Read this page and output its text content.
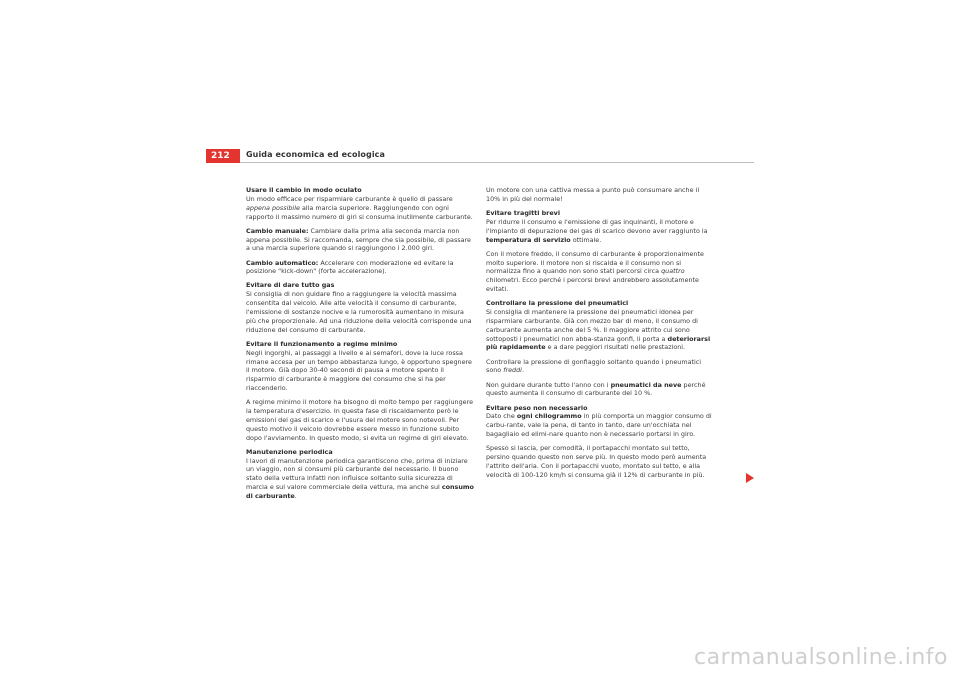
212	Guida economica ed ecologica

Usare il cambio in modo oculato

Un modo efficace per risparmiare carburante è quello di passare appena possibile alla marcia superiore. Raggiungendo con ogni rapporto il massimo numero di giri si consuma inutilmente carburante.

Cambio manuale: Cambiare dalla prima alla seconda marcia non appena possibile. Si raccomanda, sempre che sia possibile, di passare a una marcia superiore quando si raggiungono i 2.000 giri.

Cambio automatico: Accelerare con moderazione ed evitare la posizione "kick-down" (forte accelerazione).

Evitare di dare tutto gas

Si consiglia di non guidare fino a raggiungere la velocità massima consentita dal veicolo. Alle alte velocità il consumo di carburante, l'emissione di sostanze nocive e la rumorosità aumentano in misura più che proporzionale. Ad una riduzione della velocità corrisponde una riduzione del consumo di carburante.

Evitare il funzionamento a regime minimo

Negli ingorghi, ai passaggi a livello e ai semafori, dove la luce rossa rimane accesa per un tempo abbastanza lungo, è opportuno spegnere il motore. Già dopo 30-40 secondi di pausa a motore spento il risparmio di carburante è maggiore del consumo che si ha per riaccenderlo.

A regime minimo il motore ha bisogno di molto tempo per raggiungere la temperatura d'esercizio. In questa fase di riscaldamento però le emissioni del gas di scarico e l'usura del motore sono notevoli. Per questo motivo il veicolo dovrebbe essere messo in funzione subito dopo l'avviamento. In questo modo, si evita un regime di giri elevato.

Manutenzione periodica

I lavori di manutenzione periodica garantiscono che, prima di iniziare un viaggio, non si consumi più carburante del necessario. Il buono stato della vettura infatti non influisce soltanto sulla sicurezza di marcia e sul valore commerciale della vettura, ma anche sul consumo di carburante.

Un motore con una cattiva messa a punto può consumare anche il 10% in più del normale!

Evitare tragitti brevi

Per ridurre il consumo e l'emissione di gas inquinanti, il motore e l'impianto di depurazione dei gas di scarico devono aver raggiunto la temperatura di servizio ottimale.

Con il motore freddo, il consumo di carburante è proporzionalmente molto superiore. Il motore non si riscalda e il consumo non si normalizza fino a quando non sono stati percorsi circa quattro chilometri. Ecco perché i percorsi brevi andrebbero assolutamente evitati.

Controllare la pressione dei pneumatici

Si consiglia di mantenere la pressione dei pneumatici idonea per risparmiare carburante. Già con mezzo bar di meno, il consumo di carburante aumenta anche del 5 %. Il maggiore attrito cui sono sottoposti i pneumatici non abba-stanza gonfi, li porta a deteriorarsi più rapidamente e a dare peggiori risultati nelle prestazioni.

Controllare la pressione di gonfiaggio soltanto quando i pneumatici sono freddi.

Non guidare durante tutto l'anno con i pneumatici da neve perché questo aumenta il consumo di carburante del 10 %.

Evitare peso non necessario

Dato che ogni chilogrammo in più comporta un maggior consumo di carbu-rante, vale la pena, di tanto in tanto, dare un'occhiata nel bagagliaio ed elimi-nare quanto non è necessario portarsi in giro.

Spesso si lascia, per comodità, il portapacchi montato sul tetto, persino quando questo non serve più. In questo modo però aumenta l'attrito dell'aria. Con il portapacchi vuoto, montato sul tetto, e alla velocità di 100-120 km/h si consuma già il 12% di carburante in più.

carmanualsonline.info
